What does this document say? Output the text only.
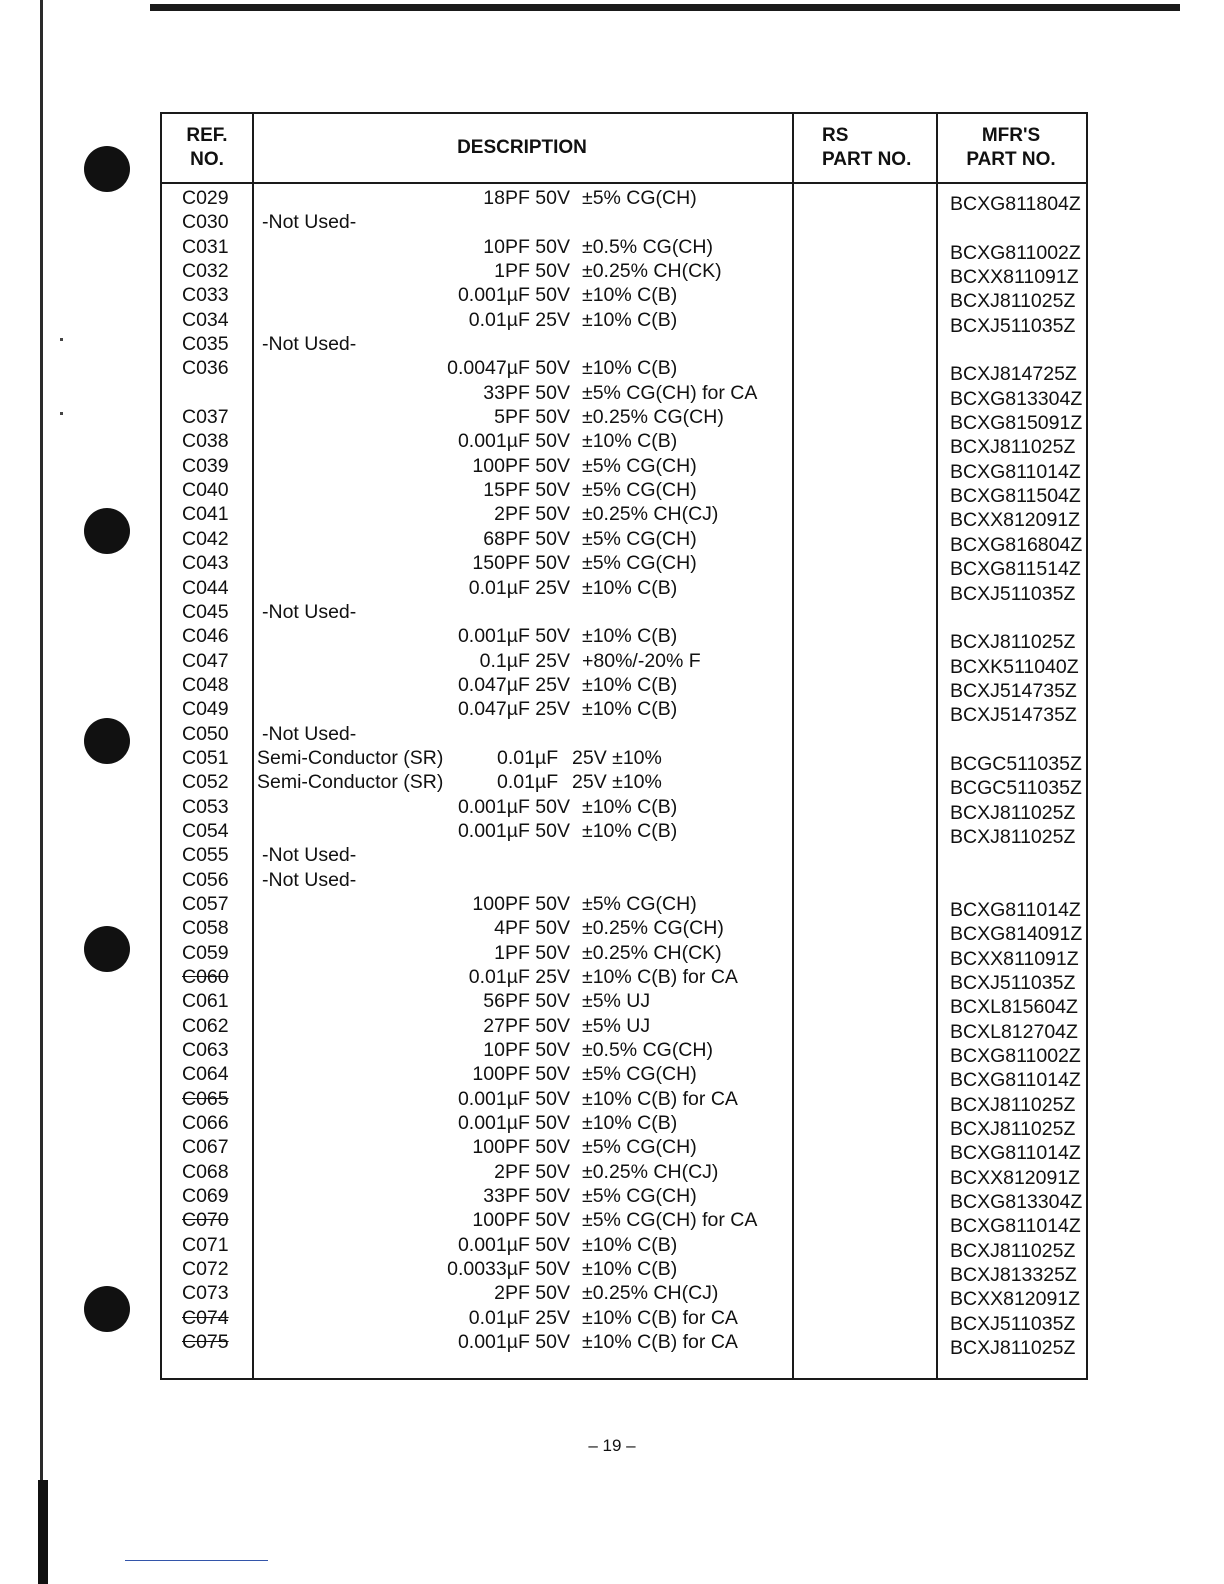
REF.
NO.
DESCRIPTION
RS
PART NO.
MFR'S
PART NO.
C029	18PF 50V ±5% CG(CH)	BCXG811804Z
C030	-Not Used-
C031	10PF 50V ±0.5% CG(CH)	BCXG811002Z
C032	1PF 50V ±0.25% CH(CK)	BCXX811091Z
C033	0.001µF 50V ±10% C(B)	BCXJ811025Z
C034	0.01µF 25V ±10% C(B)	BCXJ511035Z
C035	-Not Used-
C036	0.0047µF 50V ±10% C(B)	BCXJ814725Z
33PF 50V ±5% CG(CH) for CA	BCXG813304Z
C037	5PF 50V ±0.25% CG(CH)	BCXG815091Z
C038	0.001µF 50V ±10% C(B)	BCXJ811025Z
C039	100PF 50V ±5% CG(CH)	BCXG811014Z
C040	15PF 50V ±5% CG(CH)	BCXG811504Z
C041	2PF 50V ±0.25% CH(CJ)	BCXX812091Z
C042	68PF 50V ±5% CG(CH)	BCXG816804Z
C043	150PF 50V ±5% CG(CH)	BCXG811514Z
C044	0.01µF 25V ±10% C(B)	BCXJ511035Z
C045	-Not Used-
C046	0.001µF 50V ±10% C(B)	BCXJ811025Z
C047	0.1µF 25V +80%/-20% F	BCXK511040Z
C048	0.047µF 25V ±10% C(B)	BCXJ514735Z
C049	0.047µF 25V ±10% C(B)	BCXJ514735Z
C050	-Not Used-
C051	Semi-Conductor (SR)	0.01µF 25V ±10%	BCGC511035Z
C052	Semi-Conductor (SR)	0.01µF 25V ±10%	BCGC511035Z
C053	0.001µF 50V ±10% C(B)	BCXJ811025Z
C054	0.001µF 50V ±10% C(B)	BCXJ811025Z
C055	-Not Used-
C056	-Not Used-
C057	100PF 50V ±5% CG(CH)	BCXG811014Z
C058	4PF 50V ±0.25% CG(CH)	BCXG814091Z
C059	1PF 50V ±0.25% CH(CK)	BCXX811091Z
C060	0.01µF 25V ±10% C(B) for CA	BCXJ511035Z
C061	56PF 50V ±5% UJ	BCXL815604Z
C062	27PF 50V ±5% UJ	BCXL812704Z
C063	10PF 50V ±0.5% CG(CH)	BCXG811002Z
C064	100PF 50V ±5% CG(CH)	BCXG811014Z
C065	0.001µF 50V ±10% C(B) for CA	BCXJ811025Z
C066	0.001µF 50V ±10% C(B)	BCXJ811025Z
C067	100PF 50V ±5% CG(CH)	BCXG811014Z
C068	2PF 50V ±0.25% CH(CJ)	BCXX812091Z
C069	33PF 50V ±5% CG(CH)	BCXG813304Z
C070	100PF 50V ±5% CG(CH) for CA	BCXG811014Z
C071	0.001µF 50V ±10% C(B)	BCXJ811025Z
C072	0.0033µF 50V ±10% C(B)	BCXJ813325Z
C073	2PF 50V ±0.25% CH(CJ)	BCXX812091Z
C074	0.01µF 25V ±10% C(B) for CA	BCXJ511035Z
C075	0.001µF 50V ±10% C(B) for CA	BCXJ811025Z
– 19 –
